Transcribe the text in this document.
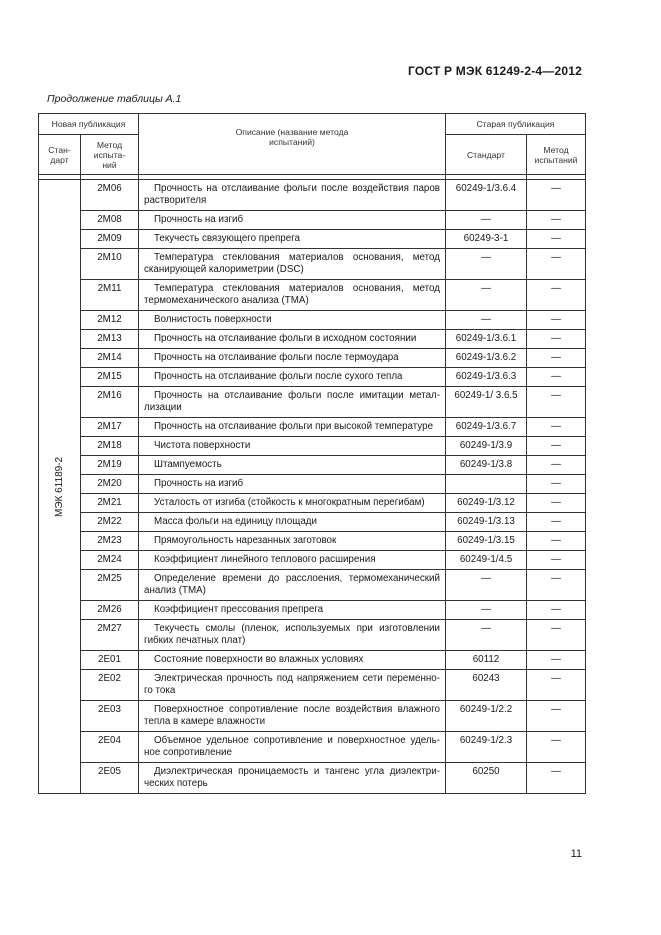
ГОСТ Р МЭК 61249-2-4—2012
Продолжение таблицы А.1
Новая публикация		Описание (название метода испытаний)	Старая публикация	
Стан- дарт	Метод испыта- ний		Стандарт	Метод испытаний

МЭК 61189-2	2M06	Прочность на отслаивание фольги после воздействия паров растворителя	60249-1/3.6.4	—
	2M08	Прочность на изгиб	—	—
	2M09	Текучесть связующего препрега	60249-3-1	—
	2M10	Температура стеклования материалов основания, метод сканирующей калориметрии (DSC)	—	—
	2M11	Температура стеклования материалов основания, метод термомеханического анализа (TMA)	—	—
	2M12	Волнистость поверхности	—	—
	2M13	Прочность на отслаивание фольги в исходном состоянии	60249-1/3.6.1	—
	2M14	Прочность на отслаивание фольги после термоудара	60249-1/3.6.2	—
	2M15	Прочность на отслаивание фольги после сухого тепла	60249-1/3.6.3	—
	2M16	Прочность на отслаивание фольги после имитации метал-лизации	60249-1/ 3.6.5	—
	2M17	Прочность на отслаивание фольги при высокой температуре	60249-1/3.6.7	—
	2M18	Чистота поверхности	60249-1/3.9	—
	2M19	Штампуемость	60249-1/3.8	—
	2M20	Прочность на изгиб		—
	2M21	Усталость от изгиба (стойкость к многократным перегибам)	60249-1/3.12	—
	2M22	Масса фольги на единицу площади	60249-1/3.13	—
	2M23	Прямоугольность нарезанных заготовок	60249-1/3.15	—
	2M24	Коэффициент линейного теплового расширения	60249-1/4.5	—
	2M25	Определение времени до расслоения, термомеханический анализ (TMA)	—	—
	2M26	Коэффициент прессования препрега	—	—
	2M27	Текучесть смолы (пленок, используемых при изготовлении гибких печатных плат)	—	—
	2E01	Состояние поверхности во влажных условиях	60112	—
	2E02	Электрическая прочность под напряжением сети переменно-го тока	60243	—
	2E03	Поверхностное сопротивление после воздействия влажного тепла в камере влажности	60249-1/2.2	—
	2E04	Объемное удельное сопротивление и поверхностное удель-ное сопротивление	60249-1/2.3	—
	2E05	Диэлектрическая проницаемость и тангенс угла диэлектри-ческих потерь	60250	—
11
